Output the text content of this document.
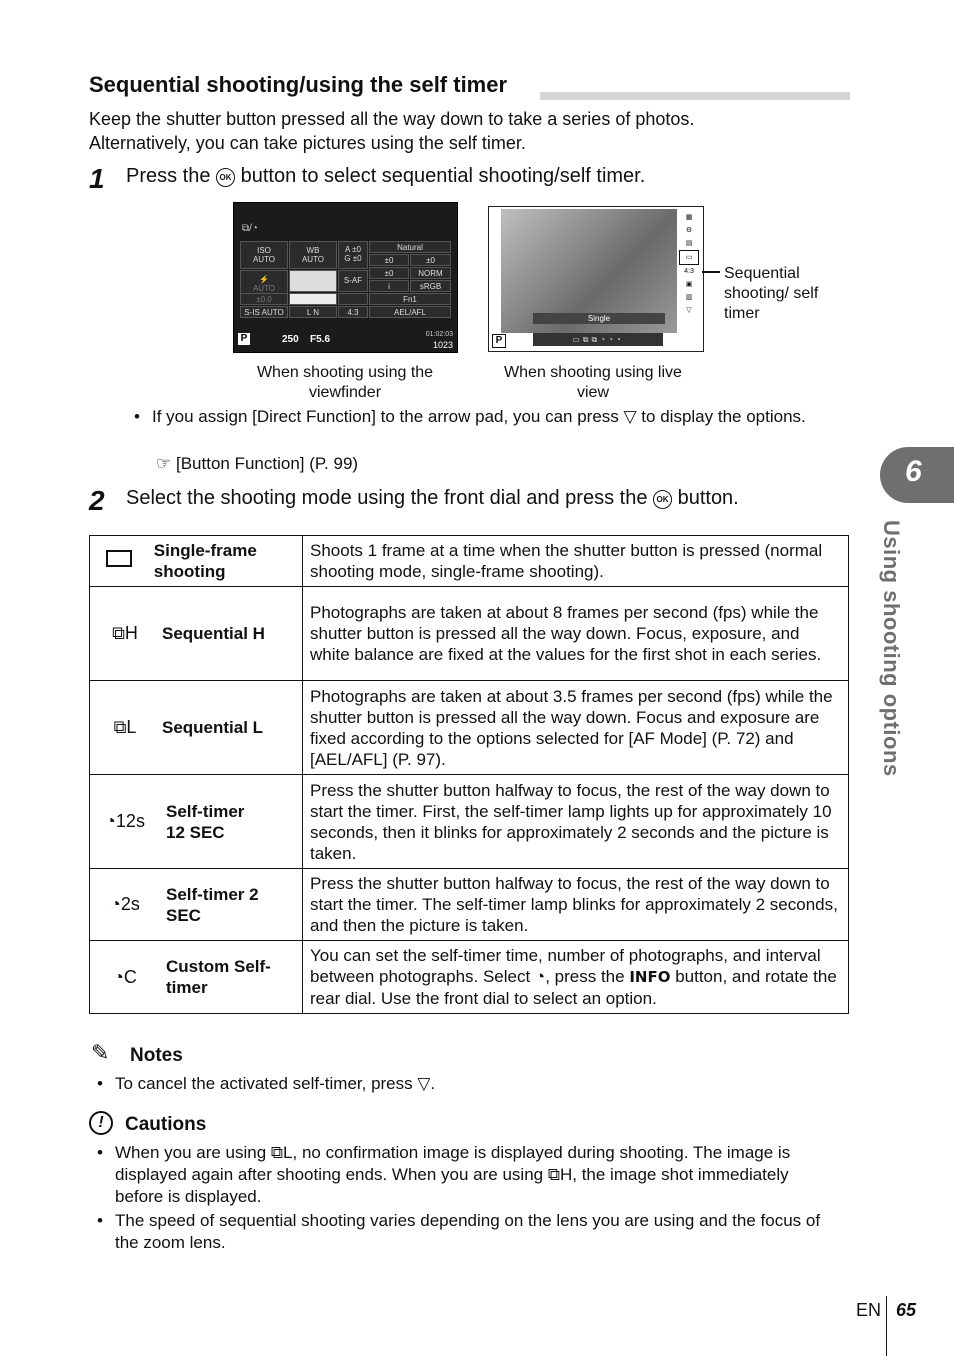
Sequential shooting/using the self timer
Keep the shutter button pressed all the way down to take a series of photos.
Alternatively, you can take pictures using the self timer.
1 Press the OK button to select sequential shooting/self timer.
⧉/◔
ISO
AUTO
WB
AUTO
A ±0
G ±0
Natural
±0	±0
±0	NORM
⚡
AUTO
S-AF
i	sRGB
±0.0	Fn1
S-IS AUTO	L N	4:3	AEL/AFL
P	250 F5.6	01:02:03
1023
When shooting using the viewfinder
Single
▦
⚙
▤
▭
4:3
▣
▥
▽
P	▭⧉⧉◔◔◔
Sequential shooting/ self timer
When shooting using live view
• If you assign [Direct Function] to the arrow pad, you can press ▽ to display the options.
☞ [Button Function] (P. 99)
2 Select the shooting mode using the front dial and press the OK button.
Single-frame shooting	Shoots 1 frame at a time when the shutter button is pressed (normal shooting mode, single-frame shooting).

⧉H Sequential H	Photographs are taken at about 8 frames per second (fps) while the shutter button is pressed all the way down. Focus, exposure, and white balance are fixed at the values for the first shot in each series.

⧉L Sequential L	Photographs are taken at about 3.5 frames per second (fps) while the shutter button is pressed all the way down. Focus and exposure are fixed according to the options selected for [AF Mode] (P. 72) and [AEL/AFL] (P. 97).

◔12s Self-timer 12 SEC	Press the shutter button halfway to focus, the rest of the way down to start the timer. First, the self-timer lamp lights up for approximately 10 seconds, then it blinks for approximately 2 seconds and the picture is taken.

◔2s Self-timer 2 SEC	Press the shutter button halfway to focus, the rest of the way down to start the timer. The self-timer lamp blinks for approximately 2 seconds, and then the picture is taken.

◔C Custom Self-timer	You can set the self-timer time, number of photographs, and interval between photographs. Select ◔, press the INFO button, and rotate the rear dial. Use the front dial to select an option.
✎ Notes
• To cancel the activated self-timer, press ▽.
!	Cautions
• When you are using ⧉L, no confirmation image is displayed during shooting. The image is displayed again after shooting ends. When you are using ⧉H, the image shot immediately before is displayed.
• The speed of sequential shooting varies depending on the lens you are using and the focus of the zoom lens.
6
Using shooting options
EN 65
